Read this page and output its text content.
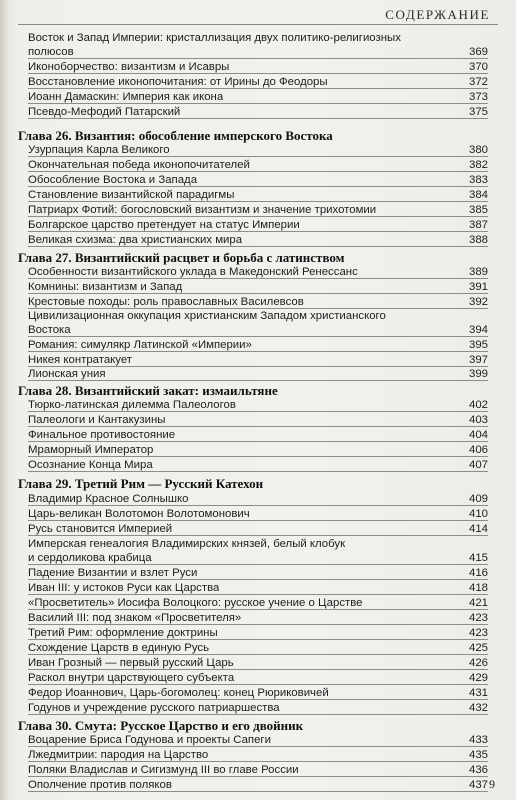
СОДЕРЖАНИЕ
Восток и Запад Империи: кристаллизация двух политико-религиозных
полюсов	369
Иконоборчество: византизм и Исавры	370
Восстановление иконопочитания: от Ирины до Феодоры	372
Иоанн Дамаскин: Империя как икона	373
Псевдо-Мефодий Патарский	375
Глава 26. Византия: обособление имперского Востока
Узурпация Карла Великого	380
Окончательная победа иконопочитателей	382
Обособление Востока и Запада	383
Становление византийской парадигмы	384
Патриарх Фотий: богословский византизм и значение трихотомии	385
Болгарское царство претендует на статус Империи	387
Великая схизма: два христианских мира	388
Глава 27. Византийский расцвет и борьба с латинством
Особенности византийского уклада в Македонский Ренессанс	389
Комнины: византизм и Запад	391
Крестовые походы: роль православных Василевсов	392
Цивилизационная оккупация христианским Западом христианского
Востока	394
Романия: симулякр Латинской «Империи»	395
Никея контратакует	397
Лионская уния	399
Глава 28. Византийский закат: измаильтяне
Тюрко-латинская дилемма Палеологов	402
Палеологи и Кантакузины	403
Финальное противостояние	404
Мраморный Император	406
Осознание Конца Мира	407
Глава 29. Третий Рим — Русский Катехон
Владимир Красное Солнышко	409
Царь-великан Волотомон Волотомонович	410
Русь становится Империей	414
Имперская генеалогия Владимирских князей, белый клобук
и сердоликова крабица	415
Падение Византии и взлет Руси	416
Иван III: у истоков Руси как Царства	418
«Просветитель» Иосифа Волоцкого: русское учение о Царстве	421
Василий III: под знаком «Просветителя»	423
Третий Рим: оформление доктрины	423
Схождение Царств в единую Русь	425
Иван Грозный — первый русский Царь	426
Раскол внутри царствующего субъекта	429
Федор Иоаннович, Царь-богомолец: конец Рюриковичей	431
Годунов и учреждение русского патриаршества	432
Глава 30. Смута: Русское Царство и его двойник
Воцарение Бриса Годунова и проекты Сапеги	433
Лжедмитрии: пародия на Царство	435
Поляки Владислав и Сигизмунд III во главе России	436
Ополчение против поляков	437 9
